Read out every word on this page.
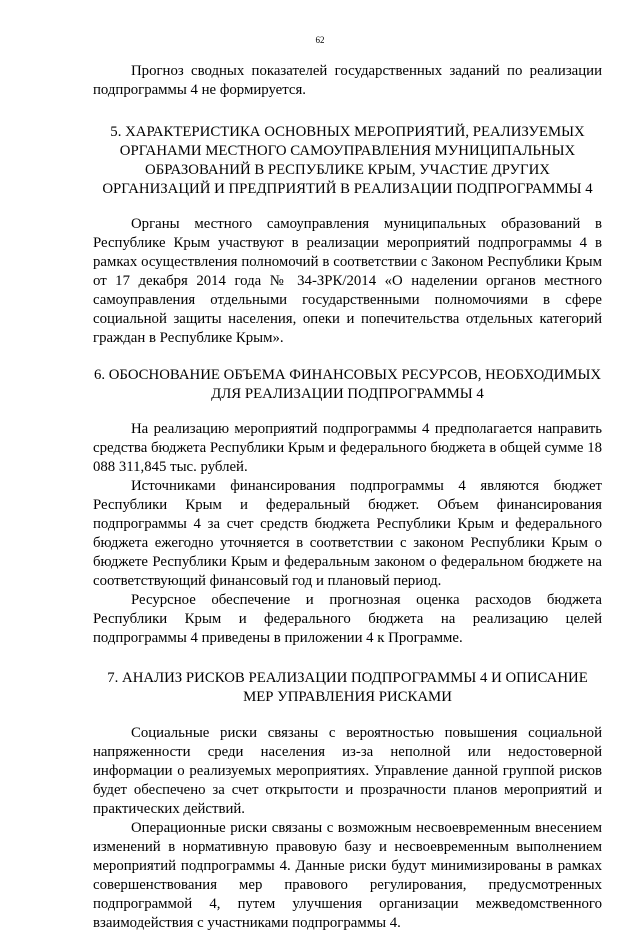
62

Прогноз сводных показателей государственных заданий по реализации подпрограммы 4 не формируется.

5. ХАРАКТЕРИСТИКА ОСНОВНЫХ МЕРОПРИЯТИЙ, РЕАЛИЗУЕМЫХ ОРГАНАМИ МЕСТНОГО САМОУПРАВЛЕНИЯ МУНИЦИПАЛЬНЫХ ОБРАЗОВАНИЙ В РЕСПУБЛИКЕ КРЫМ, УЧАСТИЕ ДРУГИХ ОРГАНИЗАЦИЙ И ПРЕДПРИЯТИЙ В РЕАЛИЗАЦИИ ПОДПРОГРАММЫ 4

Органы местного самоуправления муниципальных образований в Республике Крым участвуют в реализации мероприятий подпрограммы 4 в рамках осуществления полномочий в соответствии с Законом Республики Крым от 17 декабря 2014 года № 34-ЗРК/2014 «О наделении органов местного самоуправления отдельными государственными полномочиями в сфере социальной защиты населения, опеки и попечительства отдельных категорий граждан в Республике Крым».

6. ОБОСНОВАНИЕ ОБЪЕМА ФИНАНСОВЫХ РЕСУРСОВ, НЕОБХОДИМЫХ ДЛЯ РЕАЛИЗАЦИИ ПОДПРОГРАММЫ 4

На реализацию мероприятий подпрограммы 4 предполагается направить средства бюджета Республики Крым и федерального бюджета в общей сумме 18 088 311,845 тыс. рублей.

Источниками финансирования подпрограммы 4 являются бюджет Республики Крым и федеральный бюджет. Объем финансирования подпрограммы 4 за счет средств бюджета Республики Крым и федерального бюджета ежегодно уточняется в соответствии с законом Республики Крым о бюджете Республики Крым и федеральным законом о федеральном бюджете на соответствующий финансовый год и плановый период.

Ресурсное обеспечение и прогнозная оценка расходов бюджета Республики Крым и федерального бюджета на реализацию целей подпрограммы 4 приведены в приложении 4 к Программе.

7. АНАЛИЗ РИСКОВ РЕАЛИЗАЦИИ ПОДПРОГРАММЫ 4 И ОПИСАНИЕ МЕР УПРАВЛЕНИЯ РИСКАМИ

Социальные риски связаны с вероятностью повышения социальной напряженности среди населения из-за неполной или недостоверной информации о реализуемых мероприятиях. Управление данной группой рисков будет обеспечено за счет открытости и прозрачности планов мероприятий и практических действий.

Операционные риски связаны с возможным несвоевременным внесением изменений в нормативную правовую базу и несвоевременным выполнением мероприятий подпрограммы 4. Данные риски будут минимизированы в рамках совершенствования мер правового регулирования, предусмотренных подпрограммой 4, путем улучшения организации межведомственного взаимодействия с участниками подпрограммы 4.
